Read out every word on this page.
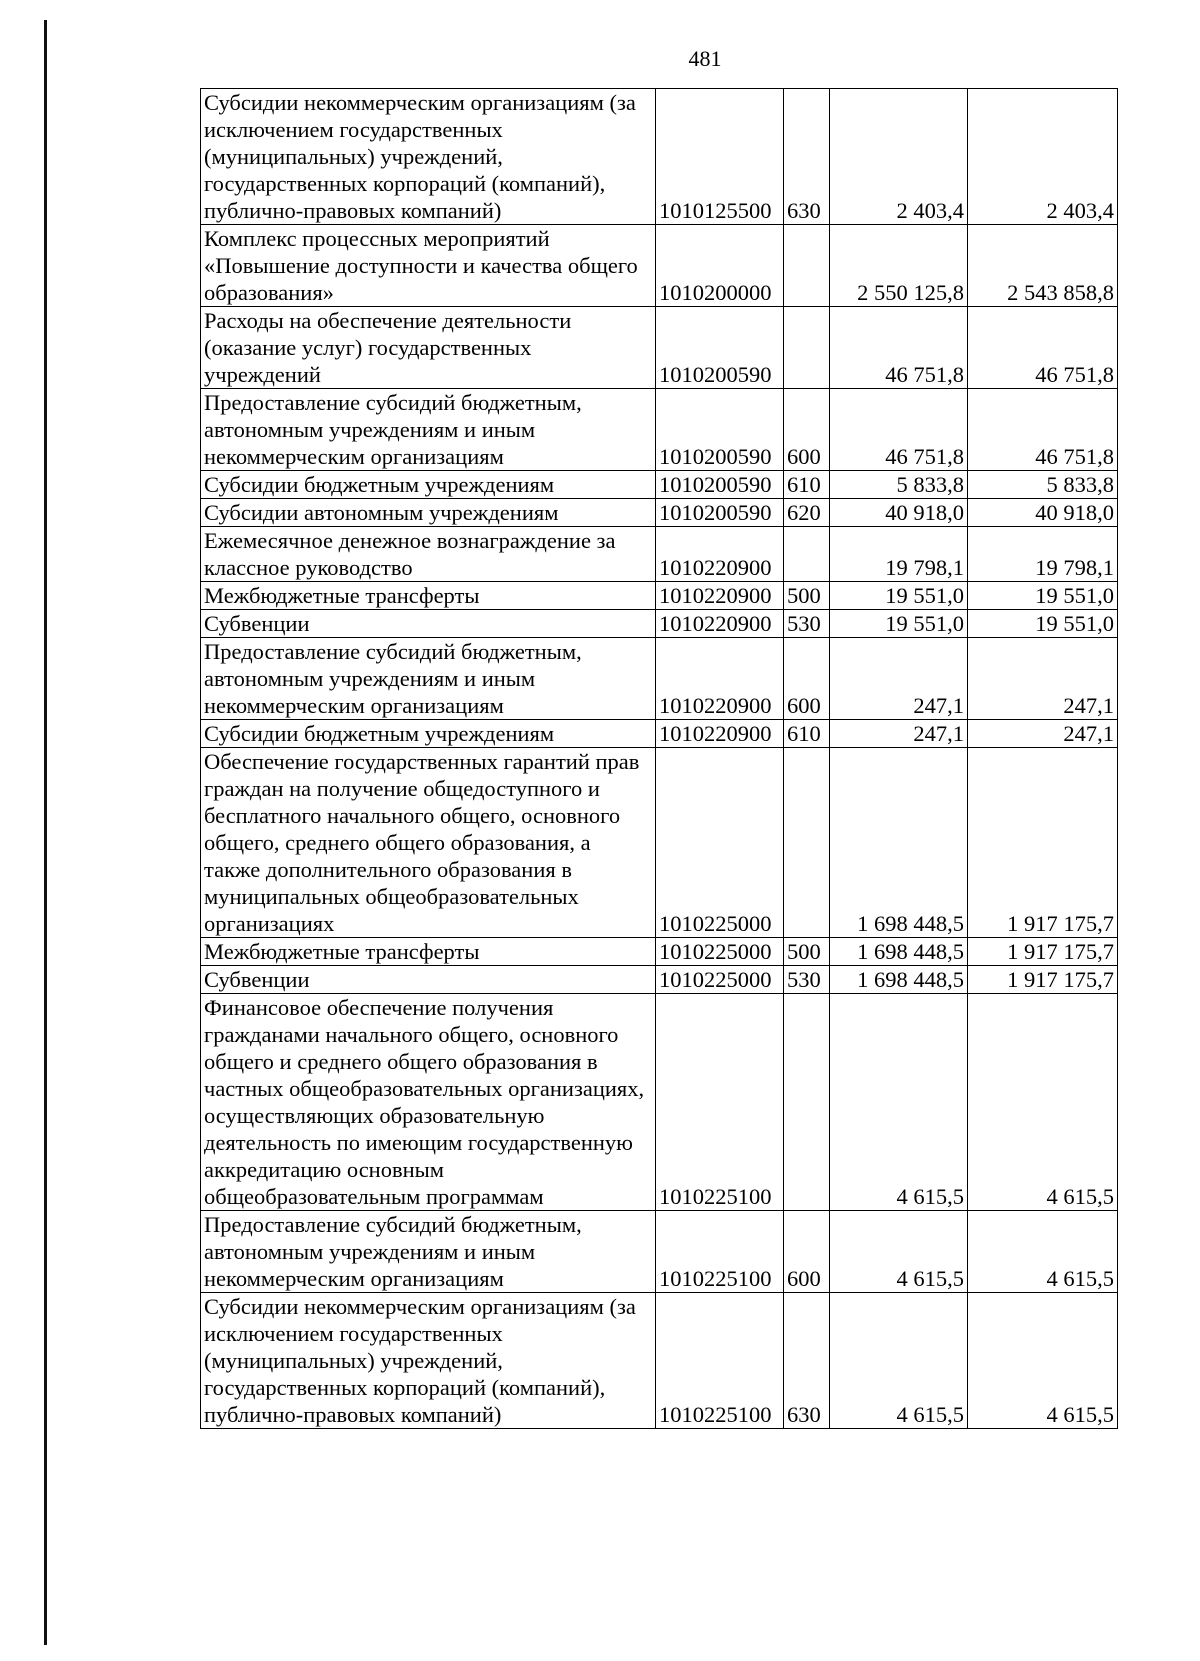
481
Субсидии некоммерческим организациям (за исключением государственных (муниципальных) учреждений, государственных корпораций (компаний), публично-правовых компаний)	1010125500	630	2 403,4	2 403,4
Комплекс процессных мероприятий «Повышение доступности и качества общего образования»	1010200000		2 550 125,8	2 543 858,8
Расходы на обеспечение деятельности (оказание услуг) государственных учреждений	1010200590		46 751,8	46 751,8
Предоставление субсидий бюджетным, автономным учреждениям и иным некоммерческим организациям	1010200590	600	46 751,8	46 751,8
Субсидии бюджетным учреждениям	1010200590	610	5 833,8	5 833,8
Субсидии автономным учреждениям	1010200590	620	40 918,0	40 918,0
Ежемесячное денежное вознаграждение за классное руководство	1010220900		19 798,1	19 798,1
Межбюджетные трансферты	1010220900	500	19 551,0	19 551,0
Субвенции	1010220900	530	19 551,0	19 551,0
Предоставление субсидий бюджетным, автономным учреждениям и иным некоммерческим организациям	1010220900	600	247,1	247,1
Субсидии бюджетным учреждениям	1010220900	610	247,1	247,1
Обеспечение государственных гарантий прав граждан на получение общедоступного и бесплатного начального общего, основного общего, среднего общего образования, а также дополнительного образования в муниципальных общеобразовательных организациях	1010225000		1 698 448,5	1 917 175,7
Межбюджетные трансферты	1010225000	500	1 698 448,5	1 917 175,7
Субвенции	1010225000	530	1 698 448,5	1 917 175,7
Финансовое обеспечение получения гражданами начального общего, основного общего и среднего общего образования в частных общеобразовательных организациях, осуществляющих образовательную деятельность по имеющим государственную аккредитацию основным общеобразовательным программам	1010225100		4 615,5	4 615,5
Предоставление субсидий бюджетным, автономным учреждениям и иным некоммерческим организациям	1010225100	600	4 615,5	4 615,5
Субсидии некоммерческим организациям (за исключением государственных (муниципальных) учреждений, государственных корпораций (компаний), публично-правовых компаний)	1010225100	630	4 615,5	4 615,5
